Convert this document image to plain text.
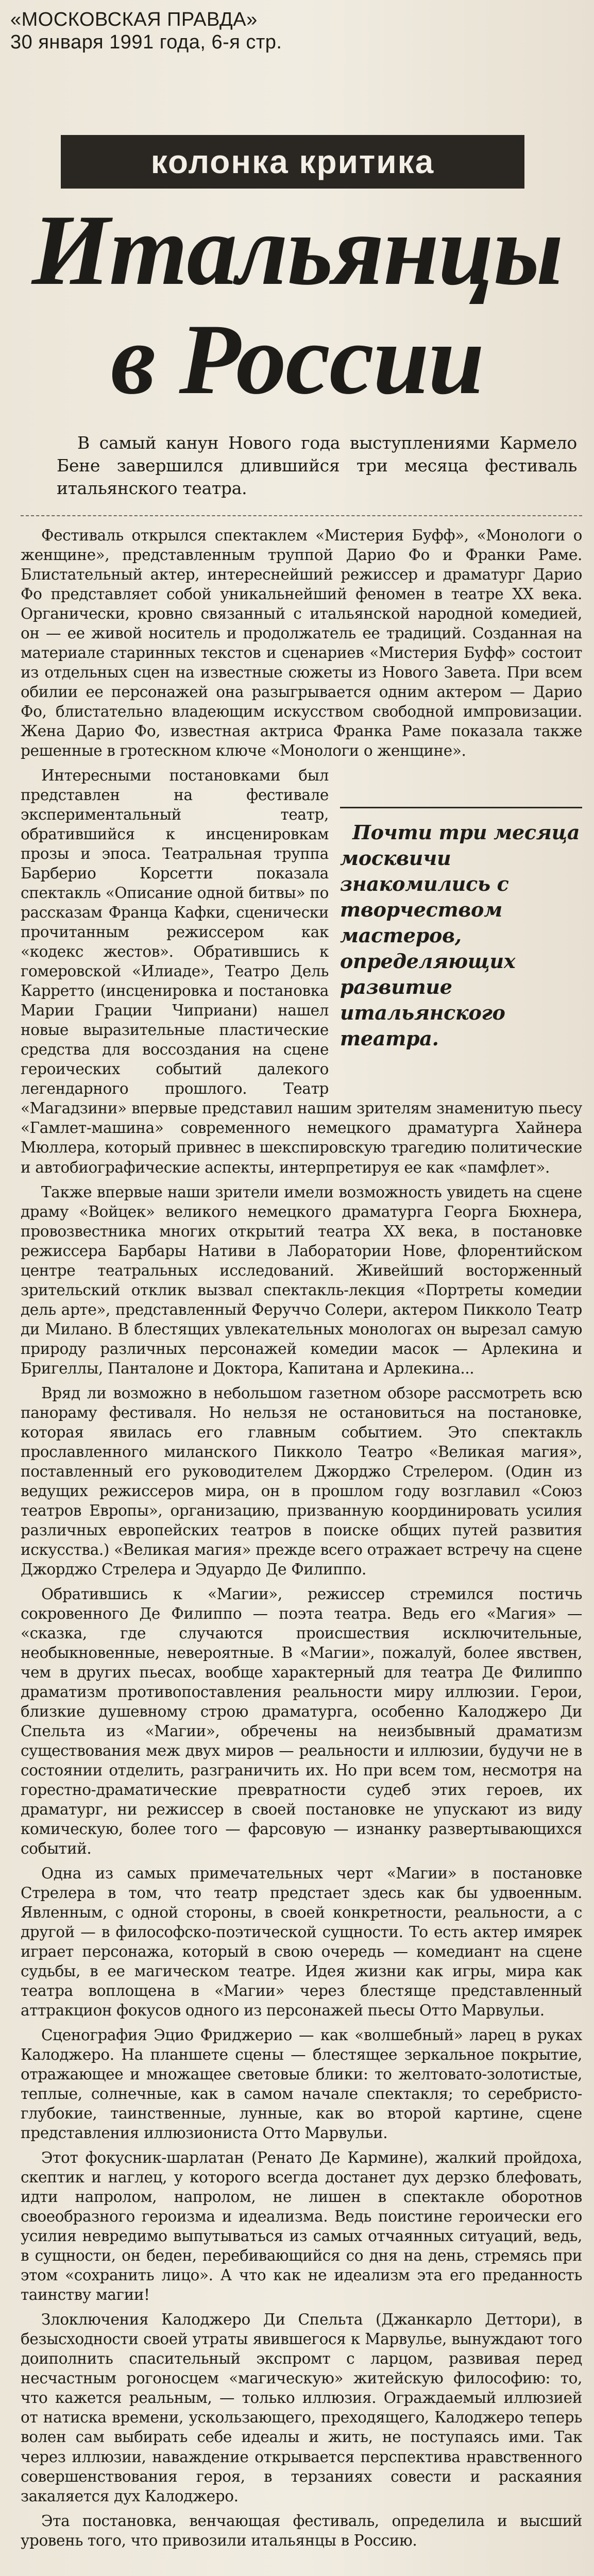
«МОСКОВСКАЯ ПРАВДА»
30 января 1991 года, 6-я стр.
колонка критика
Итальянцы
в России
В самый канун Нового года выступлениями Кармело Бене завершился длившийся три месяца фестиваль итальянского театра.

Фестиваль открылся спектаклем «Мистерия Буфф», «Монологи о женщине», представленным труппой Дарио Фо и Франки Раме. Блистательный актер, интереснейший режиссер и драматург Дарио Фо представляет собой уникальнейший феномен в театре XX века. Органически, кровно связанный с итальянской народной комедией, он — ее живой носитель и продолжатель ее традиций. Созданная на материале старинных текстов и сценариев «Мистерия Буфф» состоит из отдельных сцен на известные сюжеты из Нового Завета. При всем обилии ее персонажей она разыгрывается одним актером — Дарио Фо, блистательно владеющим искусством свободной импровизации. Жена Дарио Фо, известная актриса Франка Раме показала также решенные в гротескном ключе «Монологи о женщине».

Почти три месяца москвичи знакомились с творчеством мастеров, определяющих развитие итальянского театра.

Интересными постановками был представлен на фестивале экспериментальный театр, обратившийся к инсценировкам прозы и эпоса. Театральная труппа Барберио Корсетти показала спектакль «Описание одной битвы» по рассказам Франца Кафки, сценически прочитанным режиссером как «кодекс жестов». Обратившись к гомеровской «Илиаде», Театро Дель Карретто (инсценировка и постановка Марии Грации Чиприани) нашел новые выразительные пластические средства для воссоздания на сцене героических событий далекого легендарного прошлого. Театр «Магадзини» впервые представил нашим зрителям знаменитую пьесу «Гамлет-машина» современного немецкого драматурга Хайнера Мюллера, который привнес в шекспировскую трагедию политические и автобиографические аспекты, интерпретируя ее как «памфлет».

Также впервые наши зрители имели возможность увидеть на сцене драму «Войцек» великого немецкого драматурга Георга Бюхнера, провозвестника многих открытий театра XX века, в постановке режиссера Барбары Нативи в Лаборатории Нове, флорентийском центре театральных исследований. Живейший восторженный зрительский отклик вызвал спектакль-лекция «Портреты комедии дель арте», представленный Феруччо Солери, актером Пикколо Театр ди Милано. В блестящих увлекательных монологах он вырезал самую природу различных персонажей комедии масок — Арлекина и Бригеллы, Панталоне и Доктора, Капитана и Арлекина...

Вряд ли возможно в небольшом газетном обзоре рассмотреть всю панораму фестиваля. Но нельзя не остановиться на постановке, которая явилась его главным событием. Это спектакль прославленного миланского Пикколо Театро «Великая магия», поставленный его руководителем Джорджо Стрелером. (Один из ведущих режиссеров мира, он в прошлом году возглавил «Союз театров Европы», организацию, призванную координировать усилия различных европейских театров в поиске общих путей развития искусства.) «Великая магия» прежде всего отражает встречу на сцене Джорджо Стрелера и Эдуардо Де Филиппо.

Обратившись к «Магии», режиссер стремился постичь сокровенного Де Филиппо — поэта театра. Ведь его «Магия» — «сказка, где случаются происшествия исключительные, необыкновенные, невероятные. В «Магии», пожалуй, более явствен, чем в других пьесах, вообще характерный для театра Де Филиппо драматизм противопоставления реальности миру иллюзии. Герои, близкие душевному строю драматурга, особенно Калоджеро Ди Спельта из «Магии», обречены на неизбывный драматизм существования меж двух миров — реальности и иллюзии, будучи не в состоянии отделить, разграничить их. Но при всем том, несмотря на горестно-драматические превратности судеб этих героев, их драматург, ни режиссер в своей постановке не упускают из виду комическую, более того — фарсовую — изнанку развертывающихся событий.

Одна из самых примечательных черт «Магии» в постановке Стрелера в том, что театр предстает здесь как бы удвоенным. Явленным, с одной стороны, в своей конкретности, реальности, а с другой — в философско-поэтической сущности. То есть актер имярек играет персонажа, который в свою очередь — комедиант на сцене судьбы, в ее магическом театре. Идея жизни как игры, мира как театра воплощена в «Магии» через блестяще представленный аттракцион фокусов одного из персонажей пьесы Отто Марвульи.

Сценография Эцио Фриджерио — как «волшебный» ларец в руках Калоджеро. На планшете сцены — блестящее зеркальное покрытие, отражающее и множащее световые блики: то желтовато-золотистые, теплые, солнечные, как в самом начале спектакля; то серебристо-глубокие, таинственные, лунные, как во второй картине, сцене представления иллюзиониста Отто Марвульи.

Этот фокусник-шарлатан (Ренато Де Кармине), жалкий пройдоха, скептик и наглец, у которого всегда достанет дух дерзко блефовать, идти напролом, напролом, не лишен в спектакле оборотнов своеобразного героизма и идеализма. Ведь поистине героически его усилия невредимо выпутываться из самых отчаянных ситуаций, ведь, в сущности, он беден, перебивающийся со дня на день, стремясь при этом «сохранить лицо». А что как не идеализм эта его преданность таинству магии!

Злоключения Калоджеро Ди Спельта (Джанкарло Деттори), в безысходности своей утраты явившегося к Марвулье, вынуждают того доиполнить спасительный экспромт с ларцом, развивая перед несчастным рогоносцем «магическую» житейскую философию: то, что кажется реальным, — только иллюзия. Ограждаемый иллюзией от натиска времени, ускользающего, преходящего, Калоджеро теперь волен сам выбирать себе идеалы и жить, не поступаясь ими. Так через иллюзии, наваждение открывается перспектива нравственного совершенствования героя, в терзаниях совести и раскаяния закаляется дух Калоджеро.

Эта постановка, венчающая фестиваль, определила и высший уровень того, что привозили итальянцы в Россию.
